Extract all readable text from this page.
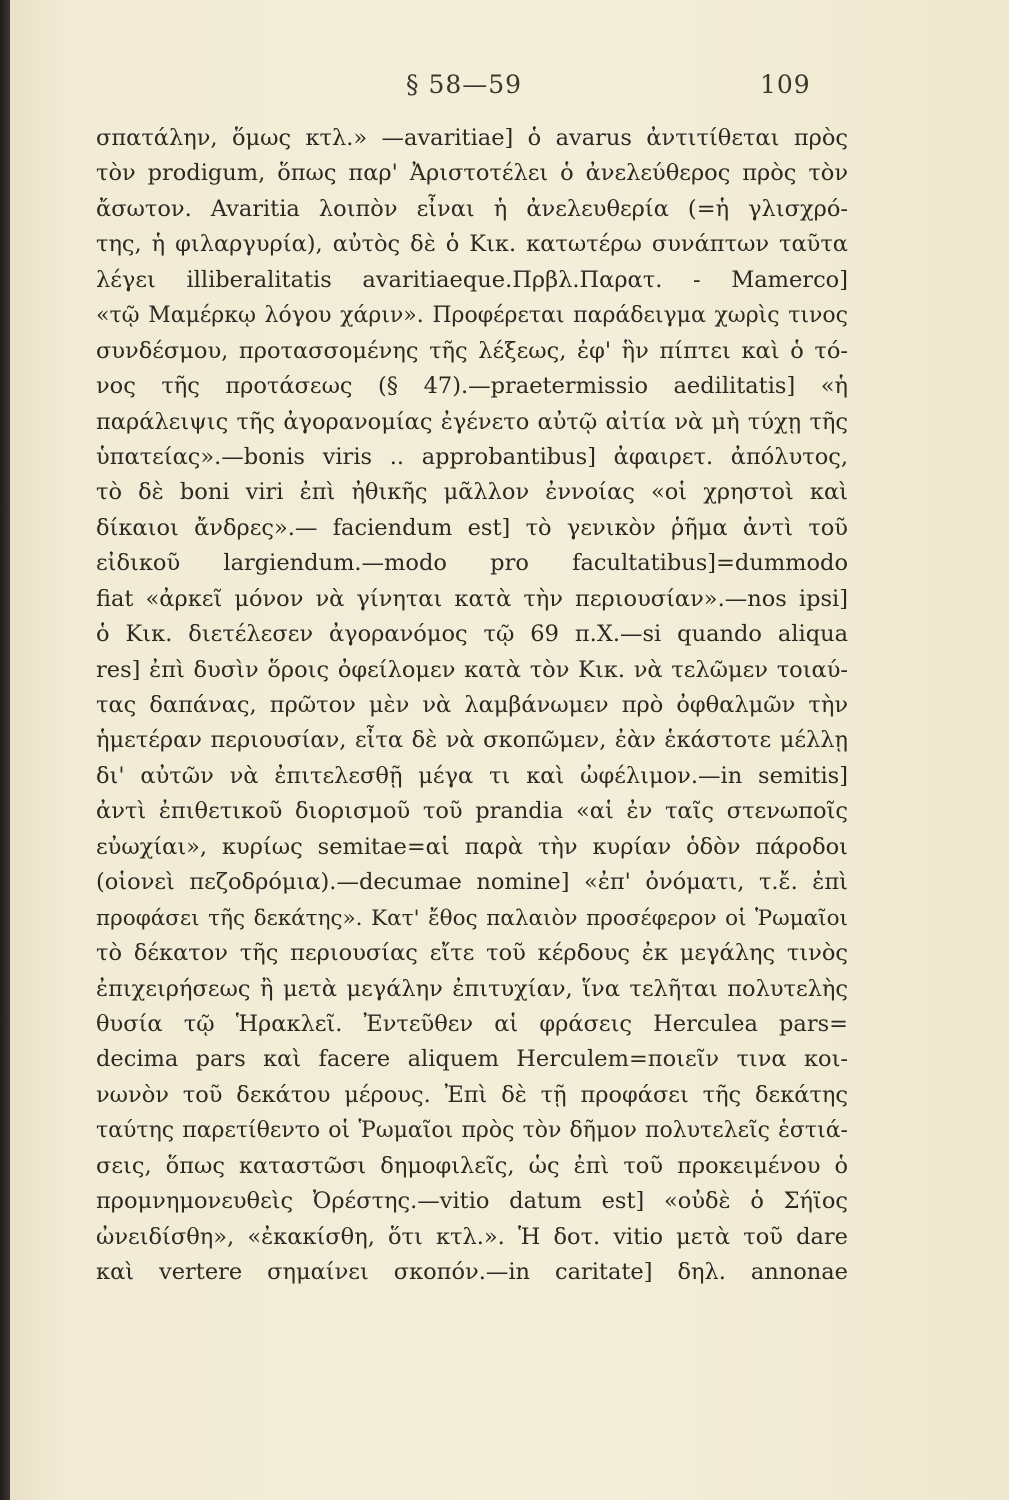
§ 58—59	109
σπατάλην, ὅμως κτλ.» —avaritiae] ὁ avarus ἀντιτίθεται πρὸς
τὸν prodigum, ὅπως παρ' Ἀριστοτέλει ὁ ἀνελεύθερος πρὸς τὸν
ἄσωτον. Avaritia λοιπὸν εἶναι ἡ ἀνελευθερία (=ἡ γλισχρό-
της, ἡ φιλαργυρία), αὐτὸς δὲ ὁ Κικ. κατωτέρω συνάπτων ταῦτα
λέγει illiberalitatis avaritiaeque.Πρβλ.Παρατ. - Mamerco]
«τῷ Μαμέρκῳ λόγου χάριν». Προφέρεται παράδειγμα χωρὶς τινος
συνδέσμου, προτασσομένης τῆς λέξεως, ἐφ' ἣν πίπτει καὶ ὁ τό-
νος τῆς προτάσεως (§ 47).—praetermissio aedilitatis] «ἡ
παράλειψις τῆς ἀγορανομίας ἐγένετο αὐτῷ αἰτία νὰ μὴ τύχῃ τῆς
ὑπατείας».—bonis viris .. approbantibus] ἀφαιρετ. ἀπόλυτος,
τὸ δὲ boni viri ἐπὶ ἠθικῆς μᾶλλον ἐννοίας «οἱ χρηστοὶ καὶ
δίκαιοι ἄνδρες».— faciendum est] τὸ γενικὸν ῥῆμα ἀντὶ τοῦ
εἰδικοῦ largiendum.—modo pro facultatibus]=dummodo
fiat «ἀρκεῖ μόνον νὰ γίνηται κατὰ τὴν περιουσίαν».—nos ipsi]
ὁ Κικ. διετέλεσεν ἀγορανόμος τῷ 69 π.Χ.—si quando aliqua
res] ἐπὶ δυσὶν ὅροις ὀφείλομεν κατὰ τὸν Κικ. νὰ τελῶμεν τοιαύ-
τας δαπάνας, πρῶτον μὲν νὰ λαμβάνωμεν πρὸ ὀφθαλμῶν τὴν
ἡμετέραν περιουσίαν, εἶτα δὲ νὰ σκοπῶμεν, ἐὰν ἑκάστοτε μέλλῃ
δι' αὐτῶν νὰ ἐπιτελεσθῇ μέγα τι καὶ ὠφέλιμον.—in semitis]
ἀντὶ ἐπιθετικοῦ διορισμοῦ τοῦ prandia «αἱ ἐν ταῖς στενωποῖς
εὐωχίαι», κυρίως semitae=αἱ παρὰ τὴν κυρίαν ὁδὸν πάροδοι
(οἱονεὶ πεζοδρόμια).—decumae nomine] «ἐπ' ὀνόματι, τ.ἔ. ἐπὶ
προφάσει τῆς δεκάτης». Κατ' ἔθος παλαιὸν προσέφερον οἱ Ῥωμαῖοι
τὸ δέκατον τῆς περιουσίας εἴτε τοῦ κέρδους ἐκ μεγάλης τινὸς
ἐπιχειρήσεως ἢ μετὰ μεγάλην ἐπιτυχίαν, ἵνα τελῆται πολυτελὴς
θυσία τῷ Ἡρακλεῖ. Ἐντεῦθεν αἱ φράσεις Herculea pars=
decima pars καὶ facere aliquem Herculem=ποιεῖν τινα κοι-
νωνὸν τοῦ δεκάτου μέρους. Ἐπὶ δὲ τῇ προφάσει τῆς δεκάτης
ταύτης παρετίθεντο οἱ Ῥωμαῖοι πρὸς τὸν δῆμον πολυτελεῖς ἑστιά-
σεις, ὅπως καταστῶσι δημοφιλεῖς, ὡς ἐπὶ τοῦ προκειμένου ὁ
προμνημονευθεὶς Ὀρέστης.—vitio datum est] «οὐδὲ ὁ Σήϊος
ὠνειδίσθη», «ἐκακίσθη, ὅτι κτλ.». Ἡ δοτ. vitio μετὰ τοῦ dare
καὶ vertere σημαίνει σκοπόν.—in caritate] δηλ. annonae
